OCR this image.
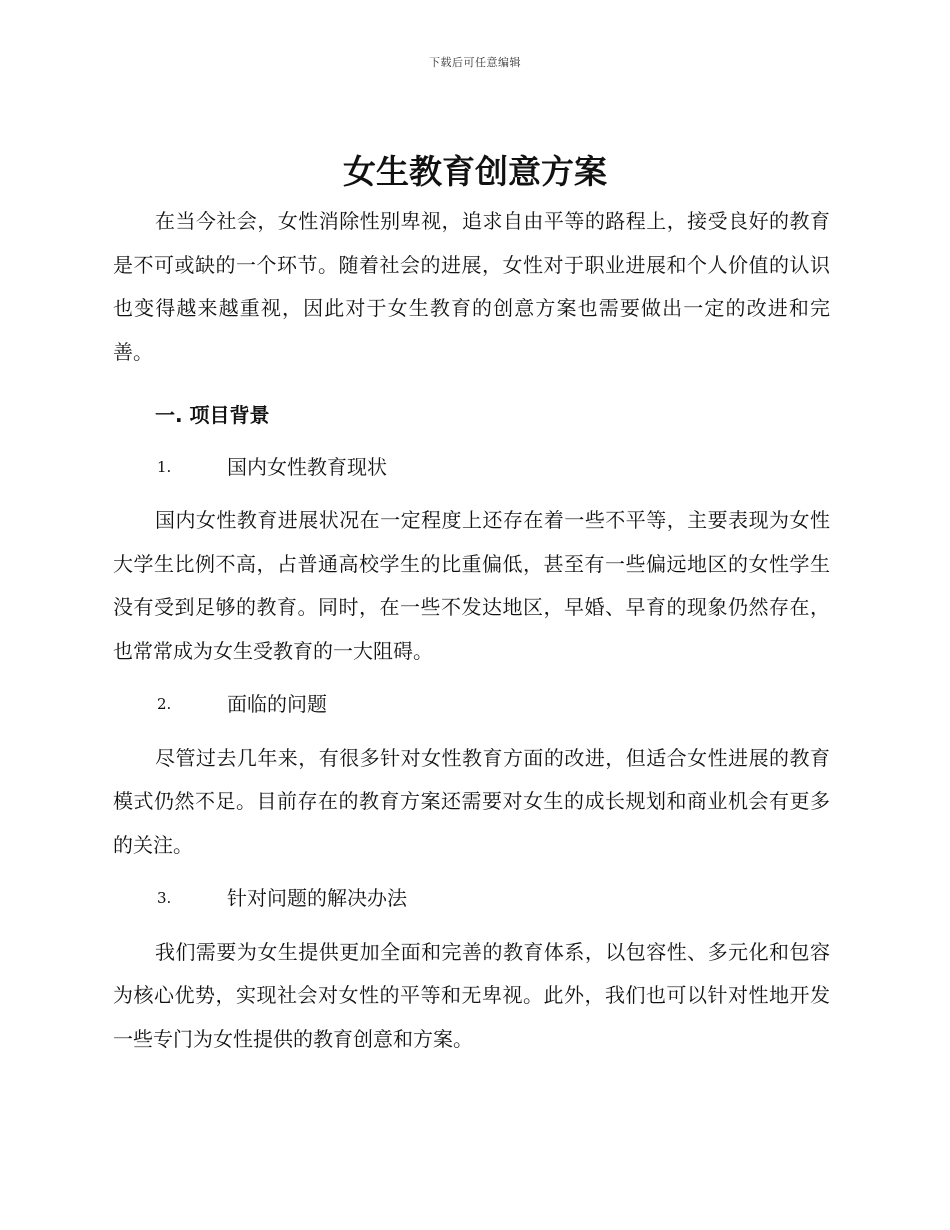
下载后可任意编辑
女生教育创意方案

在当今社会，女性消除性别卑视，追求自由平等的路程上，接受良好的教育是不可或缺的一个环节。随着社会的进展，女性对于职业进展和个人价值的认识也变得越来越重视，因此对于女生教育的创意方案也需要做出一定的改进和完善。

一. 项目背景
1.	国内女性教育现状

国内女性教育进展状况在一定程度上还存在着一些不平等，主要表现为女性大学生比例不高，占普通高校学生的比重偏低，甚至有一些偏远地区的女性学生没有受到足够的教育。同时，在一些不发达地区，早婚、早育的现象仍然存在，也常常成为女生受教育的一大阻碍。

2.	面临的问题

尽管过去几年来，有很多针对女性教育方面的改进，但适合女性进展的教育模式仍然不足。目前存在的教育方案还需要对女生的成长规划和商业机会有更多的关注。

3.	针对问题的解决办法

我们需要为女生提供更加全面和完善的教育体系，以包容性、多元化和包容为核心优势，实现社会对女性的平等和无卑视。此外，我们也可以针对性地开发一些专门为女性提供的教育创意和方案。
